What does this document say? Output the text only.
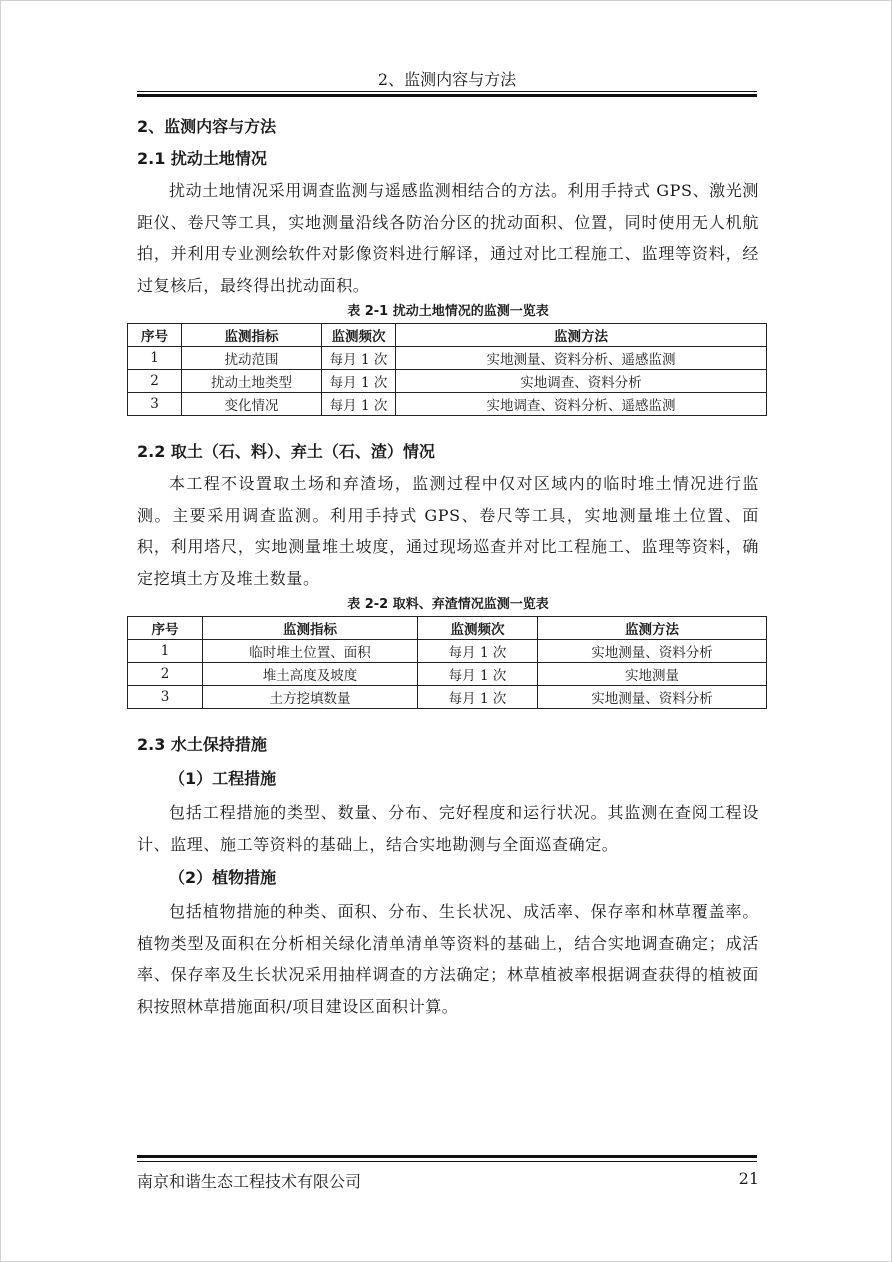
2、监测内容与方法
2、监测内容与方法
2.1 扰动土地情况

扰动土地情况采用调查监测与遥感监测相结合的方法。利用手持式 GPS、激光测距仪、卷尺等工具，实地测量沿线各防治分区的扰动面积、位置，同时使用无人机航拍，并利用专业测绘软件对影像资料进行解译，通过对比工程施工、监理等资料，经过复核后，最终得出扰动面积。

表 2-1 扰动土地情况的监测一览表
序号	监测指标	监测频次	监测方法
1	扰动范围	每月 1 次	实地测量、资料分析、遥感监测
2	扰动土地类型	每月 1 次	实地调查、资料分析
3	变化情况	每月 1 次	实地调查、资料分析、遥感监测
2.2 取土（石、料）、弃土（石、渣）情况

本工程不设置取土场和弃渣场，监测过程中仅对区域内的临时堆土情况进行监测。主要采用调查监测。利用手持式 GPS、卷尺等工具，实地测量堆土位置、面积，利用塔尺，实地测量堆土坡度，通过现场巡查并对比工程施工、监理等资料，确定挖填土方及堆土数量。

表 2-2 取料、弃渣情况监测一览表
序号	监测指标	监测频次	监测方法
1	临时堆土位置、面积	每月 1 次	实地测量、资料分析
2	堆土高度及坡度	每月 1 次	实地测量
3	土方挖填数量	每月 1 次	实地测量、资料分析
2.3 水土保持措施
（1）工程措施

包括工程措施的类型、数量、分布、完好程度和运行状况。其监测在查阅工程设计、监理、施工等资料的基础上，结合实地勘测与全面巡查确定。

（2）植物措施

包括植物措施的种类、面积、分布、生长状况、成活率、保存率和林草覆盖率。植物类型及面积在分析相关绿化清单清单等资料的基础上，结合实地调查确定；成活率、保存率及生长状况采用抽样调查的方法确定；林草植被率根据调查获得的植被面积按照林草措施面积/项目建设区面积计算。

南京和谐生态工程技术有限公司	21
